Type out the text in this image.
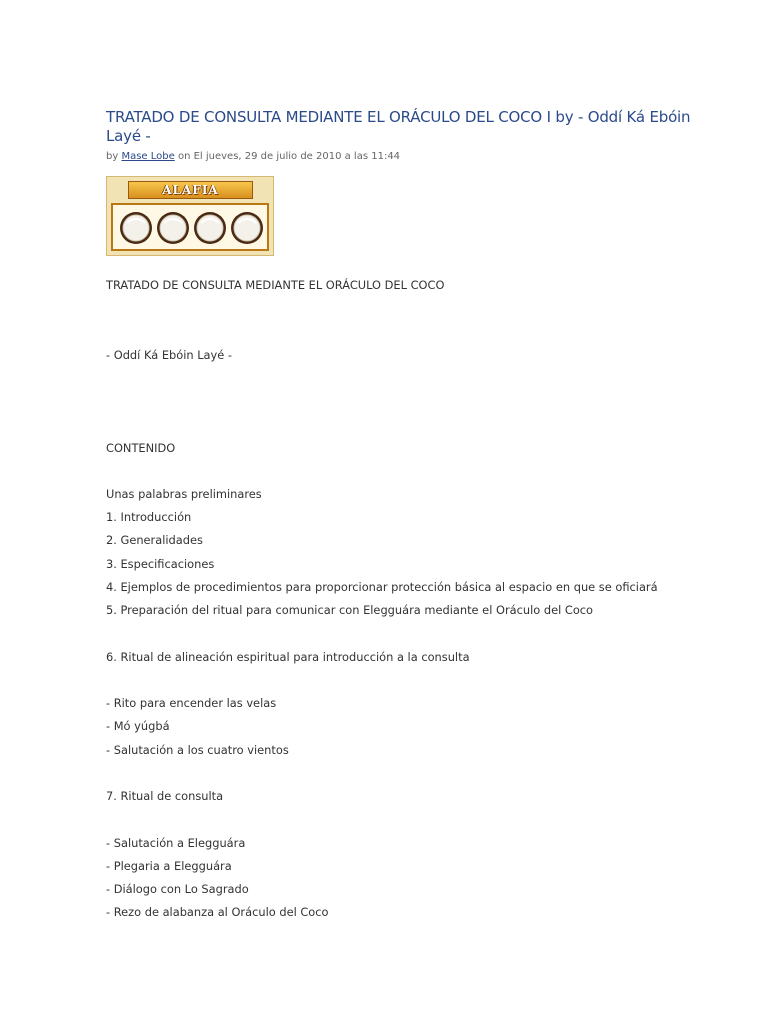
TRATADO DE CONSULTA MEDIANTE EL ORÁCULO DEL COCO I by - Oddí Ká Ebóin Layé -
by Mase Lobe on El jueves, 29 de julio de 2010 a las 11:44
ALAFIA
TRATADO DE CONSULTA MEDIANTE EL ORÁCULO DEL COCO
- Oddí Ká Ebóin Layé -
CONTENIDO
Unas palabras preliminares
1. Introducción
2. Generalidades
3. Especificaciones
4. Ejemplos de procedimientos para proporcionar protección básica al espacio en que se oficiará
5. Preparación del ritual para comunicar con Elegguára mediante el Oráculo del Coco
6. Ritual de alineación espiritual para introducción a la consulta
- Rito para encender las velas
- Mó yúgbá
- Salutación a los cuatro vientos
7. Ritual de consulta
- Salutación a Elegguára
- Plegaria a Elegguára
- Diálogo con Lo Sagrado
- Rezo de alabanza al Oráculo del Coco
